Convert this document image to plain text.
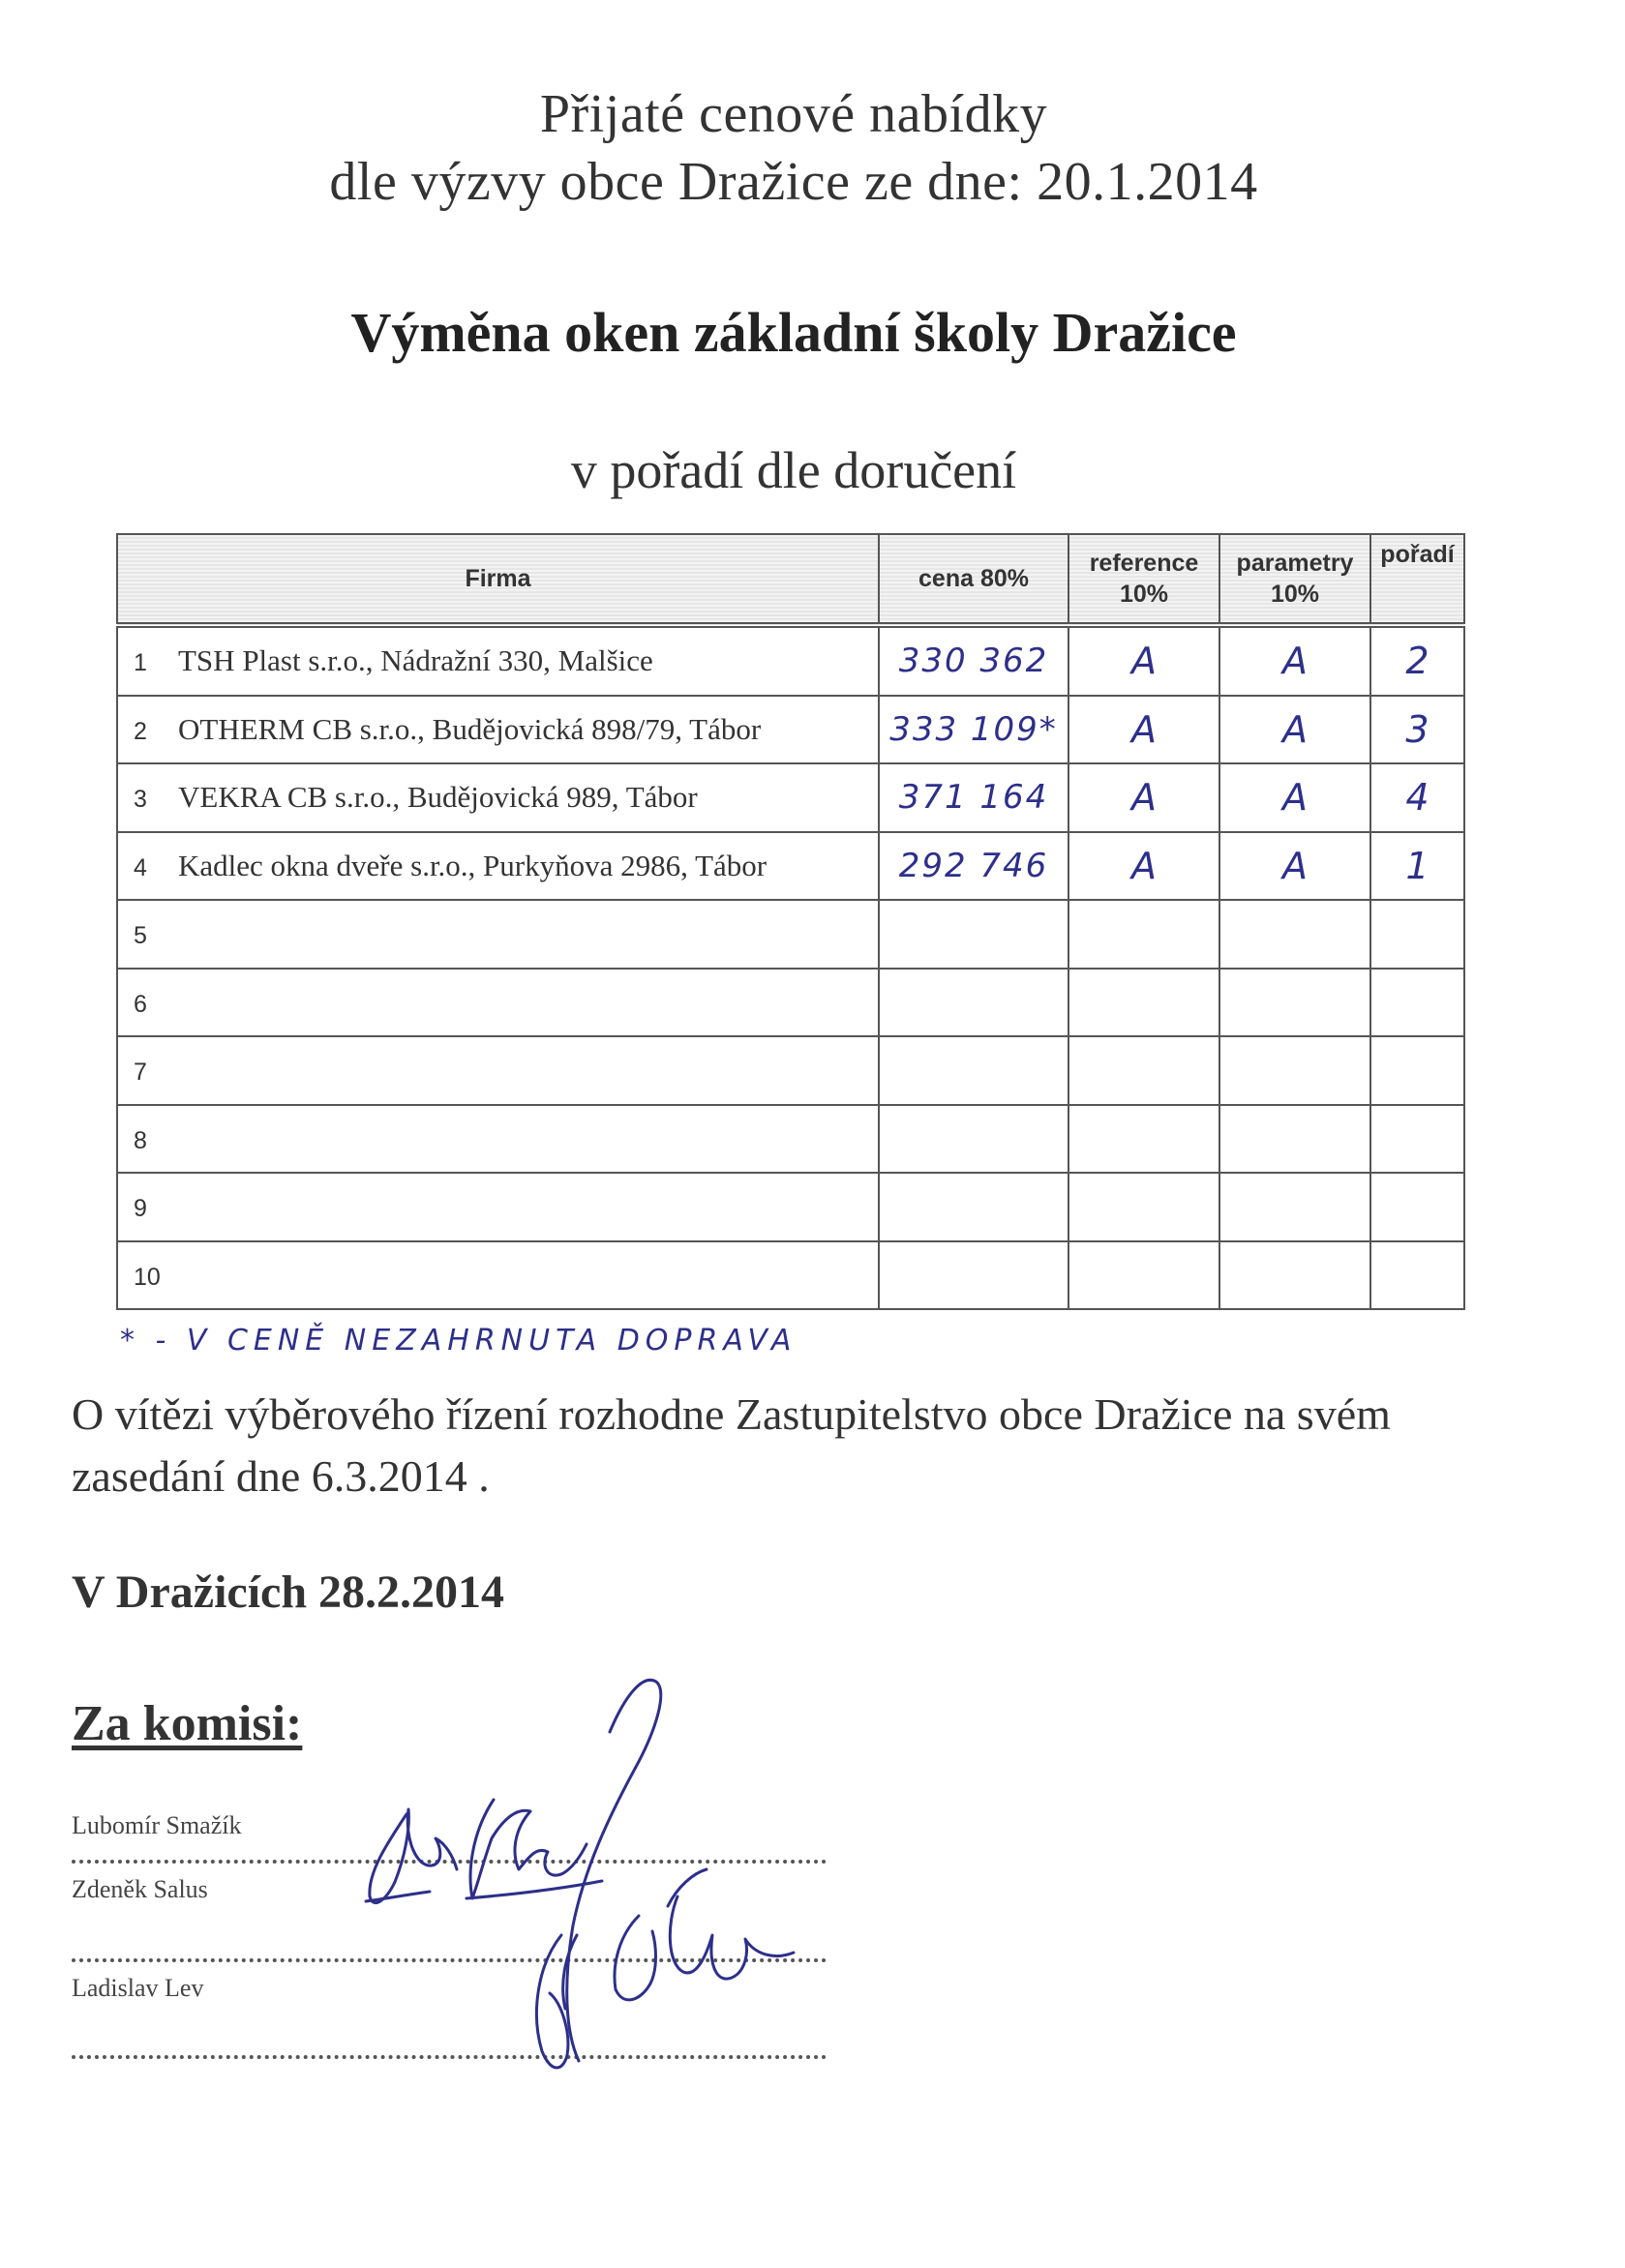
Přijaté cenové nabídky
dle výzvy obce Dražice ze dne: 20.1.2014
Výměna oken základní školy Dražice
v pořadí dle doručení
Firma	cena 80%	reference 10%	parametry 10%	pořadí
1 TSH Plast s.r.o., Nádražní 330, Malšice	330 362	A	A	2
2 OTHERM CB s.r.o., Budějovická 898/79, Tábor	333 109*	A	A	3
3 VEKRA CB s.r.o., Budějovická 989, Tábor	371 164	A	A	4
4 Kadlec okna dveře s.r.o., Purkyňova 2986, Tábor	292 746	A	A	1
5				
6				
7				
8				
9				
10				
* - V CENĚ NEZAHRNUTA DOPRAVA
O vítězi výběrového řízení rozhodne Zastupitelstvo obce Dražice na svém zasedání dne 6.3.2014 .
V Dražicích 28.2.2014
Za komisi:
Lubomír Smažík
Zdeněk Salus
Ladislav Lev
